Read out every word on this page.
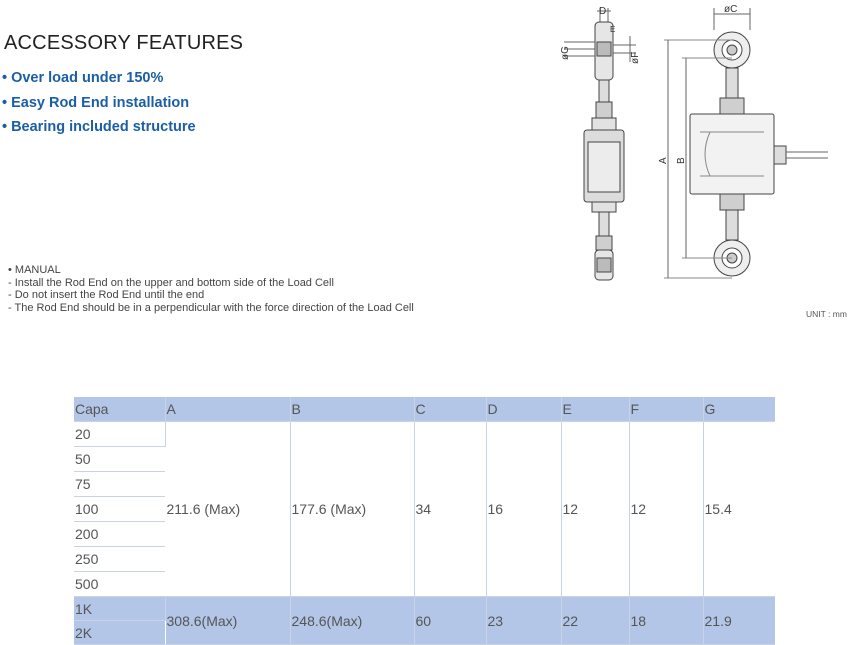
ACCESSORY FEATURES
• Over load under 150%
• Easy Rod End installation
• Bearing included structure
D
E
øG	øF
øC
A B
• MANUAL
- Install the Rod End on the upper and bottom side of the Load Cell
- Do not insert the Rod End until the end
- The Rod End should be in a perpendicular with the force direction of the Load Cell
UNIT : mm
Capa	A	B	C	D	E	F	G
20	211.6 (Max)	177.6 (Max)	34	16	12	12	15.4
50							
75							
100							
200							
250							
500							
1K	308.6(Max)	248.6(Max)	60	23	22	18	21.9
2K							
